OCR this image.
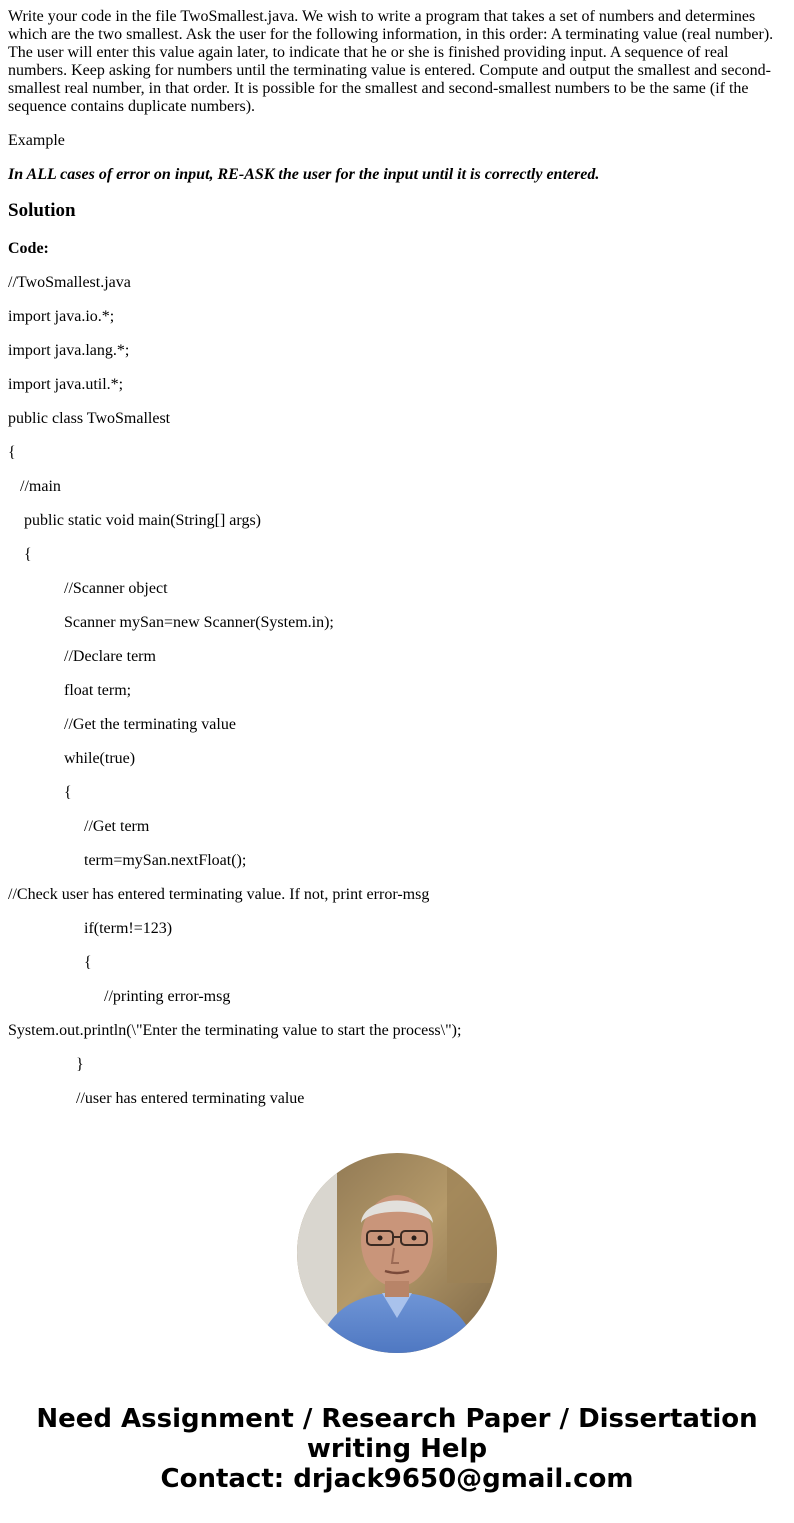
Write your code in the file TwoSmallest.java. We wish to write a program that takes a set of numbers and determines which are the two smallest. Ask the user for the following information, in this order: A terminating value (real number). The user will enter this value again later, to indicate that he or she is finished providing input. A sequence of real numbers. Keep asking for numbers until the terminating value is entered. Compute and output the smallest and second-smallest real number, in that order. It is possible for the smallest and second-smallest numbers to be the same (if the sequence contains duplicate numbers).

Example

In ALL cases of error on input, RE-ASK the user for the input until it is correctly entered.

Solution

Code:

//TwoSmallest.java

import java.io.*;

import java.lang.*;

import java.util.*;

public class TwoSmallest

{

//main

public static void main(String[] args)

{

//Scanner object

Scanner mySan=new Scanner(System.in);

//Declare term

float term;

//Get the terminating value

while(true)

{

//Get term

term=mySan.nextFloat();

//Check user has entered terminating value. If not, print error-msg

if(term!=123)

{

//printing error-msg

System.out.println(\"Enter the terminating value to start the process\");

}

//user has entered terminating value

Need Assignment / Research Paper / Dissertation
writing Help
Contact: drjack9650@gmail.com
